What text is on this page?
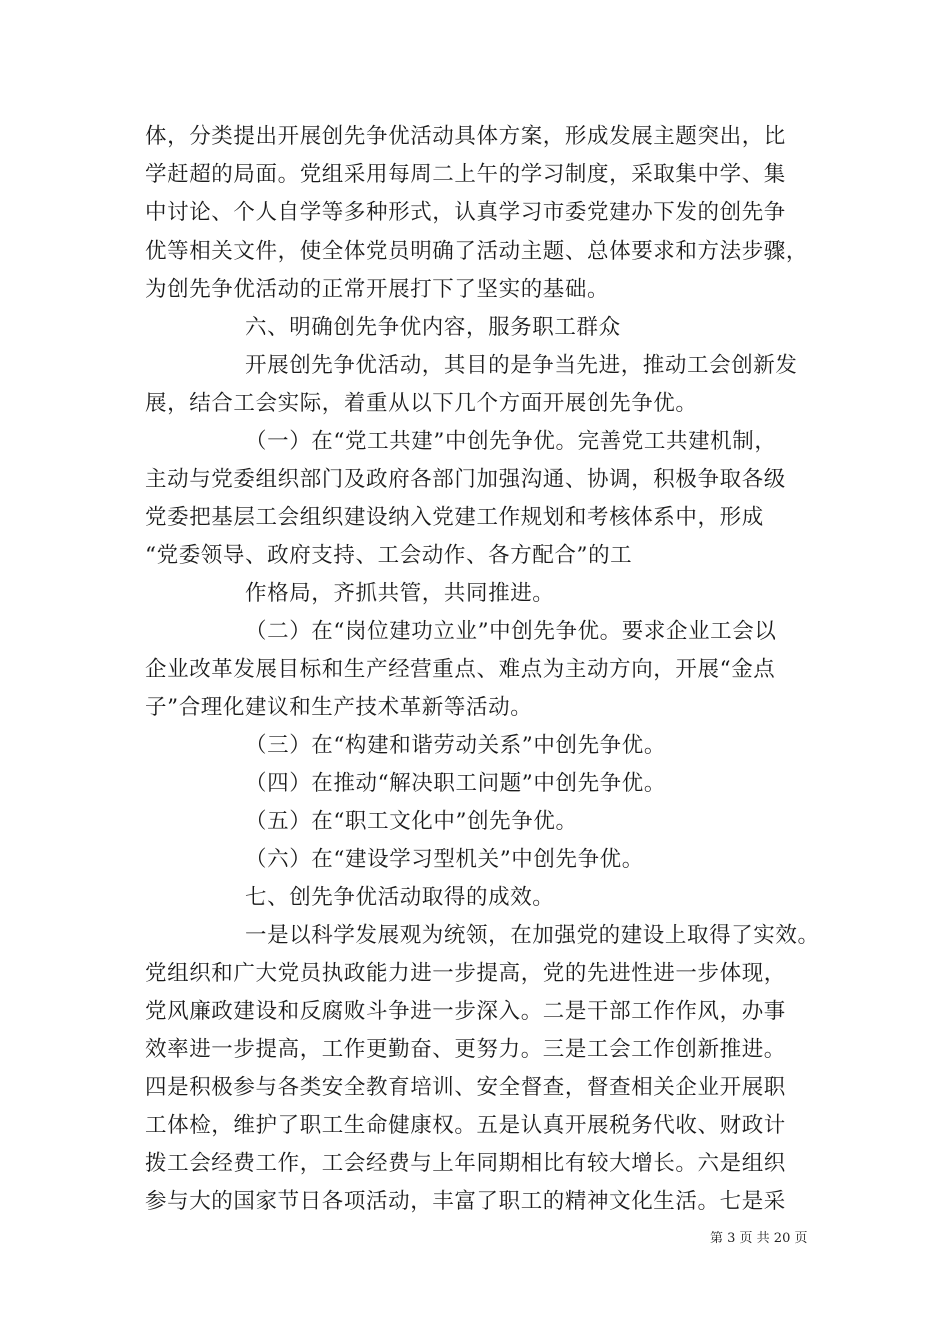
体，分类提出开展创先争优活动具体方案，形成发展主题突出，比
学赶超的局面。党组采用每周二上午的学习制度，采取集中学、集
中讨论、个人自学等多种形式，认真学习市委党建办下发的创先争
优等相关文件，使全体党员明确了活动主题、总体要求和方法步骤，
为创先争优活动的正常开展打下了坚实的基础。
六、明确创先争优内容，服务职工群众
开展创先争优活动，其目的是争当先进，推动工会创新发
展，结合工会实际，着重从以下几个方面开展创先争优。
（一）在“党工共建”中创先争优。完善党工共建机制，
主动与党委组织部门及政府各部门加强沟通、协调，积极争取各级
党委把基层工会组织建设纳入党建工作规划和考核体系中，形成
“党委领导、政府支持、工会动作、各方配合”的工
作格局，齐抓共管，共同推进。
（二）在“岗位建功立业”中创先争优。要求企业工会以
企业改革发展目标和生产经营重点、难点为主动方向，开展“金点
子”合理化建议和生产技术革新等活动。
（三）在“构建和谐劳动关系”中创先争优。
（四）在推动“解决职工问题”中创先争优。
（五）在“职工文化中”创先争优。
（六）在“建设学习型机关”中创先争优。
七、创先争优活动取得的成效。
一是以科学发展观为统领，在加强党的建设上取得了实效。
党组织和广大党员执政能力进一步提高，党的先进性进一步体现，
党风廉政建设和反腐败斗争进一步深入。二是干部工作作风，办事
效率进一步提高，工作更勤奋、更努力。三是工会工作创新推进。
四是积极参与各类安全教育培训、安全督查，督查相关企业开展职
工体检，维护了职工生命健康权。五是认真开展税务代收、财政计
拨工会经费工作，工会经费与上年同期相比有较大增长。六是组织
参与大的国家节日各项活动，丰富了职工的精神文化生活。七是采
第 3 页 共 20 页
